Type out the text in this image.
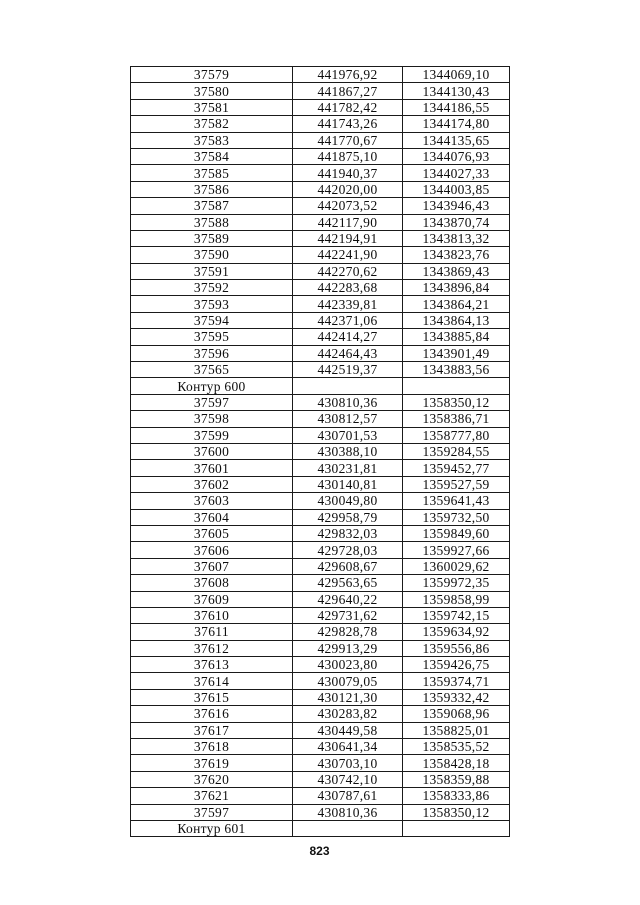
37579	441976,92	1344069,10
37580	441867,27	1344130,43
37581	441782,42	1344186,55
37582	441743,26	1344174,80
37583	441770,67	1344135,65
37584	441875,10	1344076,93
37585	441940,37	1344027,33
37586	442020,00	1344003,85
37587	442073,52	1343946,43
37588	442117,90	1343870,74
37589	442194,91	1343813,32
37590	442241,90	1343823,76
37591	442270,62	1343869,43
37592	442283,68	1343896,84
37593	442339,81	1343864,21
37594	442371,06	1343864,13
37595	442414,27	1343885,84
37596	442464,43	1343901,49
37565	442519,37	1343883,56
Контур 600		
37597	430810,36	1358350,12
37598	430812,57	1358386,71
37599	430701,53	1358777,80
37600	430388,10	1359284,55
37601	430231,81	1359452,77
37602	430140,81	1359527,59
37603	430049,80	1359641,43
37604	429958,79	1359732,50
37605	429832,03	1359849,60
37606	429728,03	1359927,66
37607	429608,67	1360029,62
37608	429563,65	1359972,35
37609	429640,22	1359858,99
37610	429731,62	1359742,15
37611	429828,78	1359634,92
37612	429913,29	1359556,86
37613	430023,80	1359426,75
37614	430079,05	1359374,71
37615	430121,30	1359332,42
37616	430283,82	1359068,96
37617	430449,58	1358825,01
37618	430641,34	1358535,52
37619	430703,10	1358428,18
37620	430742,10	1358359,88
37621	430787,61	1358333,86
37597	430810,36	1358350,12
Контур 601		
823
